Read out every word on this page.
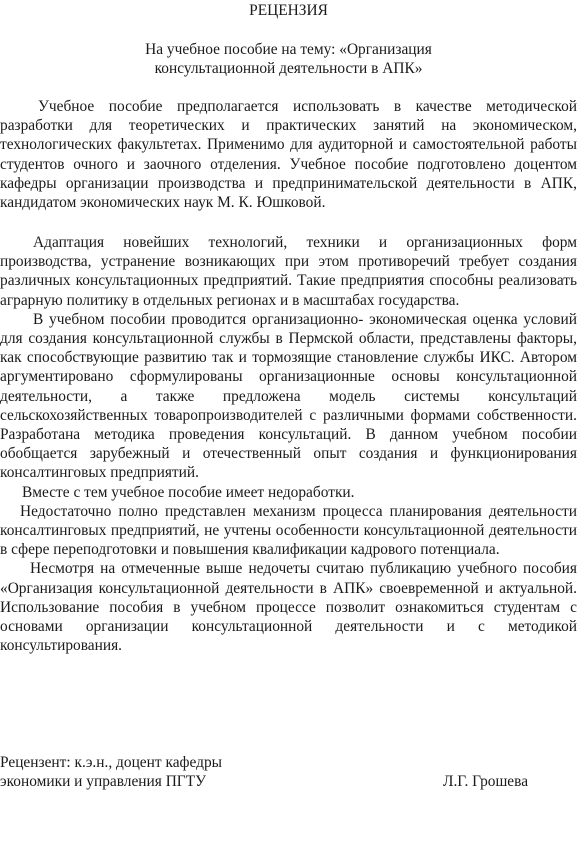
РЕЦЕНЗИЯ
На учебное пособие на тему: «Организация консультационной деятельности в АПК»

Учебное пособие предполагается использовать в качестве методической разработки для теоретических и практических занятий на экономическом, технологических факультетах. Применимо для аудиторной и самостоятельной работы студентов очного и заочного отделения. Учебное пособие подготовлено доцентом кафедры организации производства и предпринимательской деятельности в АПК, кандидатом экономических наук М. К. Юшковой.

Адаптация новейших технологий, техники и организационных форм производства, устранение возникающих при этом противоречий требует создания различных консультационных предприятий. Такие предприятия способны реализовать аграрную политику в отдельных регионах и в масштабах государства.

В учебном пособии проводится организационно- экономическая оценка условий для создания консультационной службы в Пермской области, представлены факторы, как способствующие развитию так и тормозящие становление службы ИКС. Автором аргументировано сформулированы организационные основы консультационной деятельности, а также предложена модель системы консультаций сельскохозяйственных товаропроизводителей с различными формами собственности. Разработана методика проведения консультаций. В данном учебном пособии обобщается зарубежный и отечественный опыт создания и функционирования консалтинговых предприятий.

Вместе с тем учебное пособие имеет недоработки.

Недостаточно полно представлен механизм процесса планирования деятельности консалтинговых предприятий, не учтены особенности консультационной деятельности в сфере переподготовки и повышения квалификации кадрового потенциала.

Несмотря на отмеченные выше недочеты считаю публикацию учебного пособия «Организация консультационной деятельности в АПК» своевременной и актуальной. Использование пособия в учебном процессе позволит ознакомиться студентам с основами организации консультационной деятельности и с методикой консультирования.

Рецензент: к.э.н., доцент кафедры
экономики и управления ПГТУ	Л.Г. Грошева
